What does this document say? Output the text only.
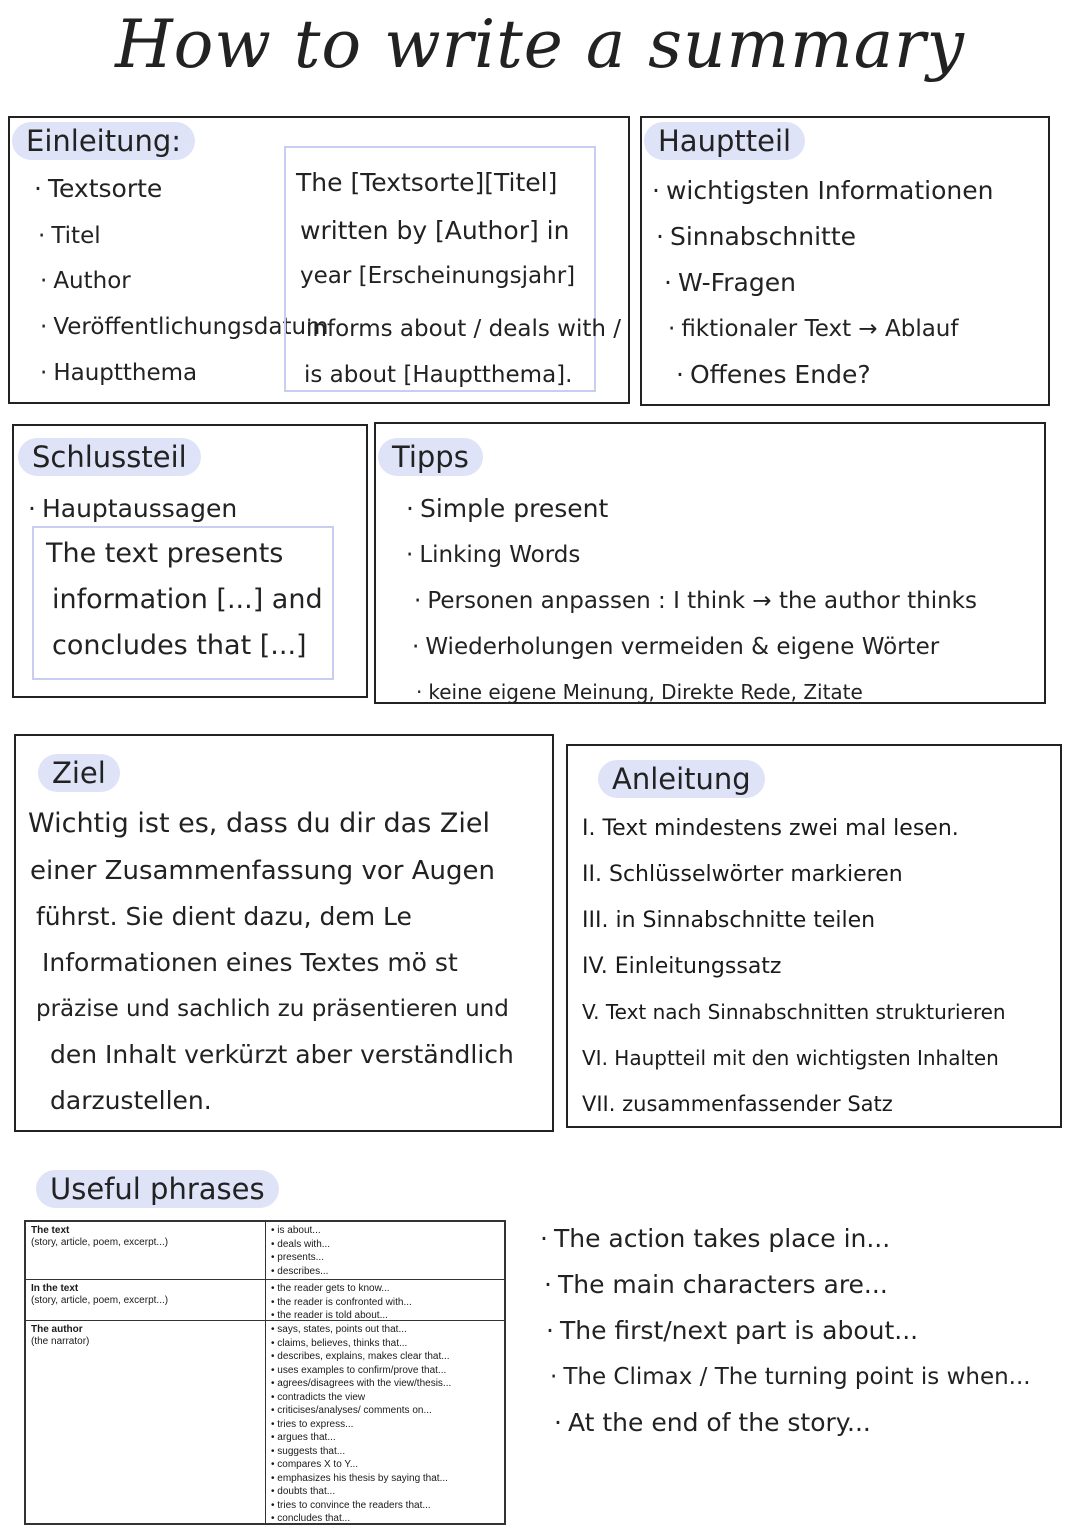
How to write a summary
Einleitung:
· Textsorte
· Titel
· Author
· Veröffentlichungsdatum
· Hauptthema
The [Textsorte][Titel]
written by [Author] in
year [Erscheinungsjahr]
informs about / deals with /
is about [Hauptthema].
Hauptteil
· wichtigsten Informationen
· Sinnabschnitte
· W-Fragen
· fiktionaler Text → Ablauf
· Offenes Ende?
Schlussteil
· Hauptaussagen
The text presents
information [...] and
concludes that [...]
Tipps
· Simple present
· Linking Words
· Personen anpassen : I think → the author thinks
· Wiederholungen vermeiden & eigene Wörter
· keine eigene Meinung, Direkte Rede, Zitate
Ziel
Wichtig ist es, dass du dir das Ziel
einer Zusammenfassung vor Augen
führst. Sie dient dazu, dem Le
Informationen eines Textes mö st
präzise und sachlich zu präsentieren und
den Inhalt verkürzt aber verständlich
darzustellen.
Anleitung
I. Text mindestens zwei mal lesen.
II. Schlüsselwörter markieren
III. in Sinnabschnitte teilen
IV. Einleitungssatz
V. Text nach Sinnabschnitten strukturieren
VI. Hauptteil mit den wichtigsten Inhalten
VII. zusammenfassender Satz
Useful phrases
The text
(story, article, poem, excerpt...)
• is about...
• deals with...
• presents...
• describes...
In the text
(story, article, poem, excerpt...)
• the reader gets to know...
• the reader is confronted with...
• the reader is told about...
The author
(the narrator)
• says, states, points out that...
• claims, believes, thinks that...
• describes, explains, makes clear that...
• uses examples to confirm/prove that...
• agrees/disagrees with the view/thesis...
• contradicts the view
• criticises/analyses/ comments on...
• tries to express...
• argues that...
• suggests that...
• compares X to Y...
• emphasizes his thesis by saying that...
• doubts that...
• tries to convince the readers that...
• concludes that...
· The action takes place in...
· The main characters are...
· The first/next part is about...
· The Climax / The turning point is when...
· At the end of the story...
